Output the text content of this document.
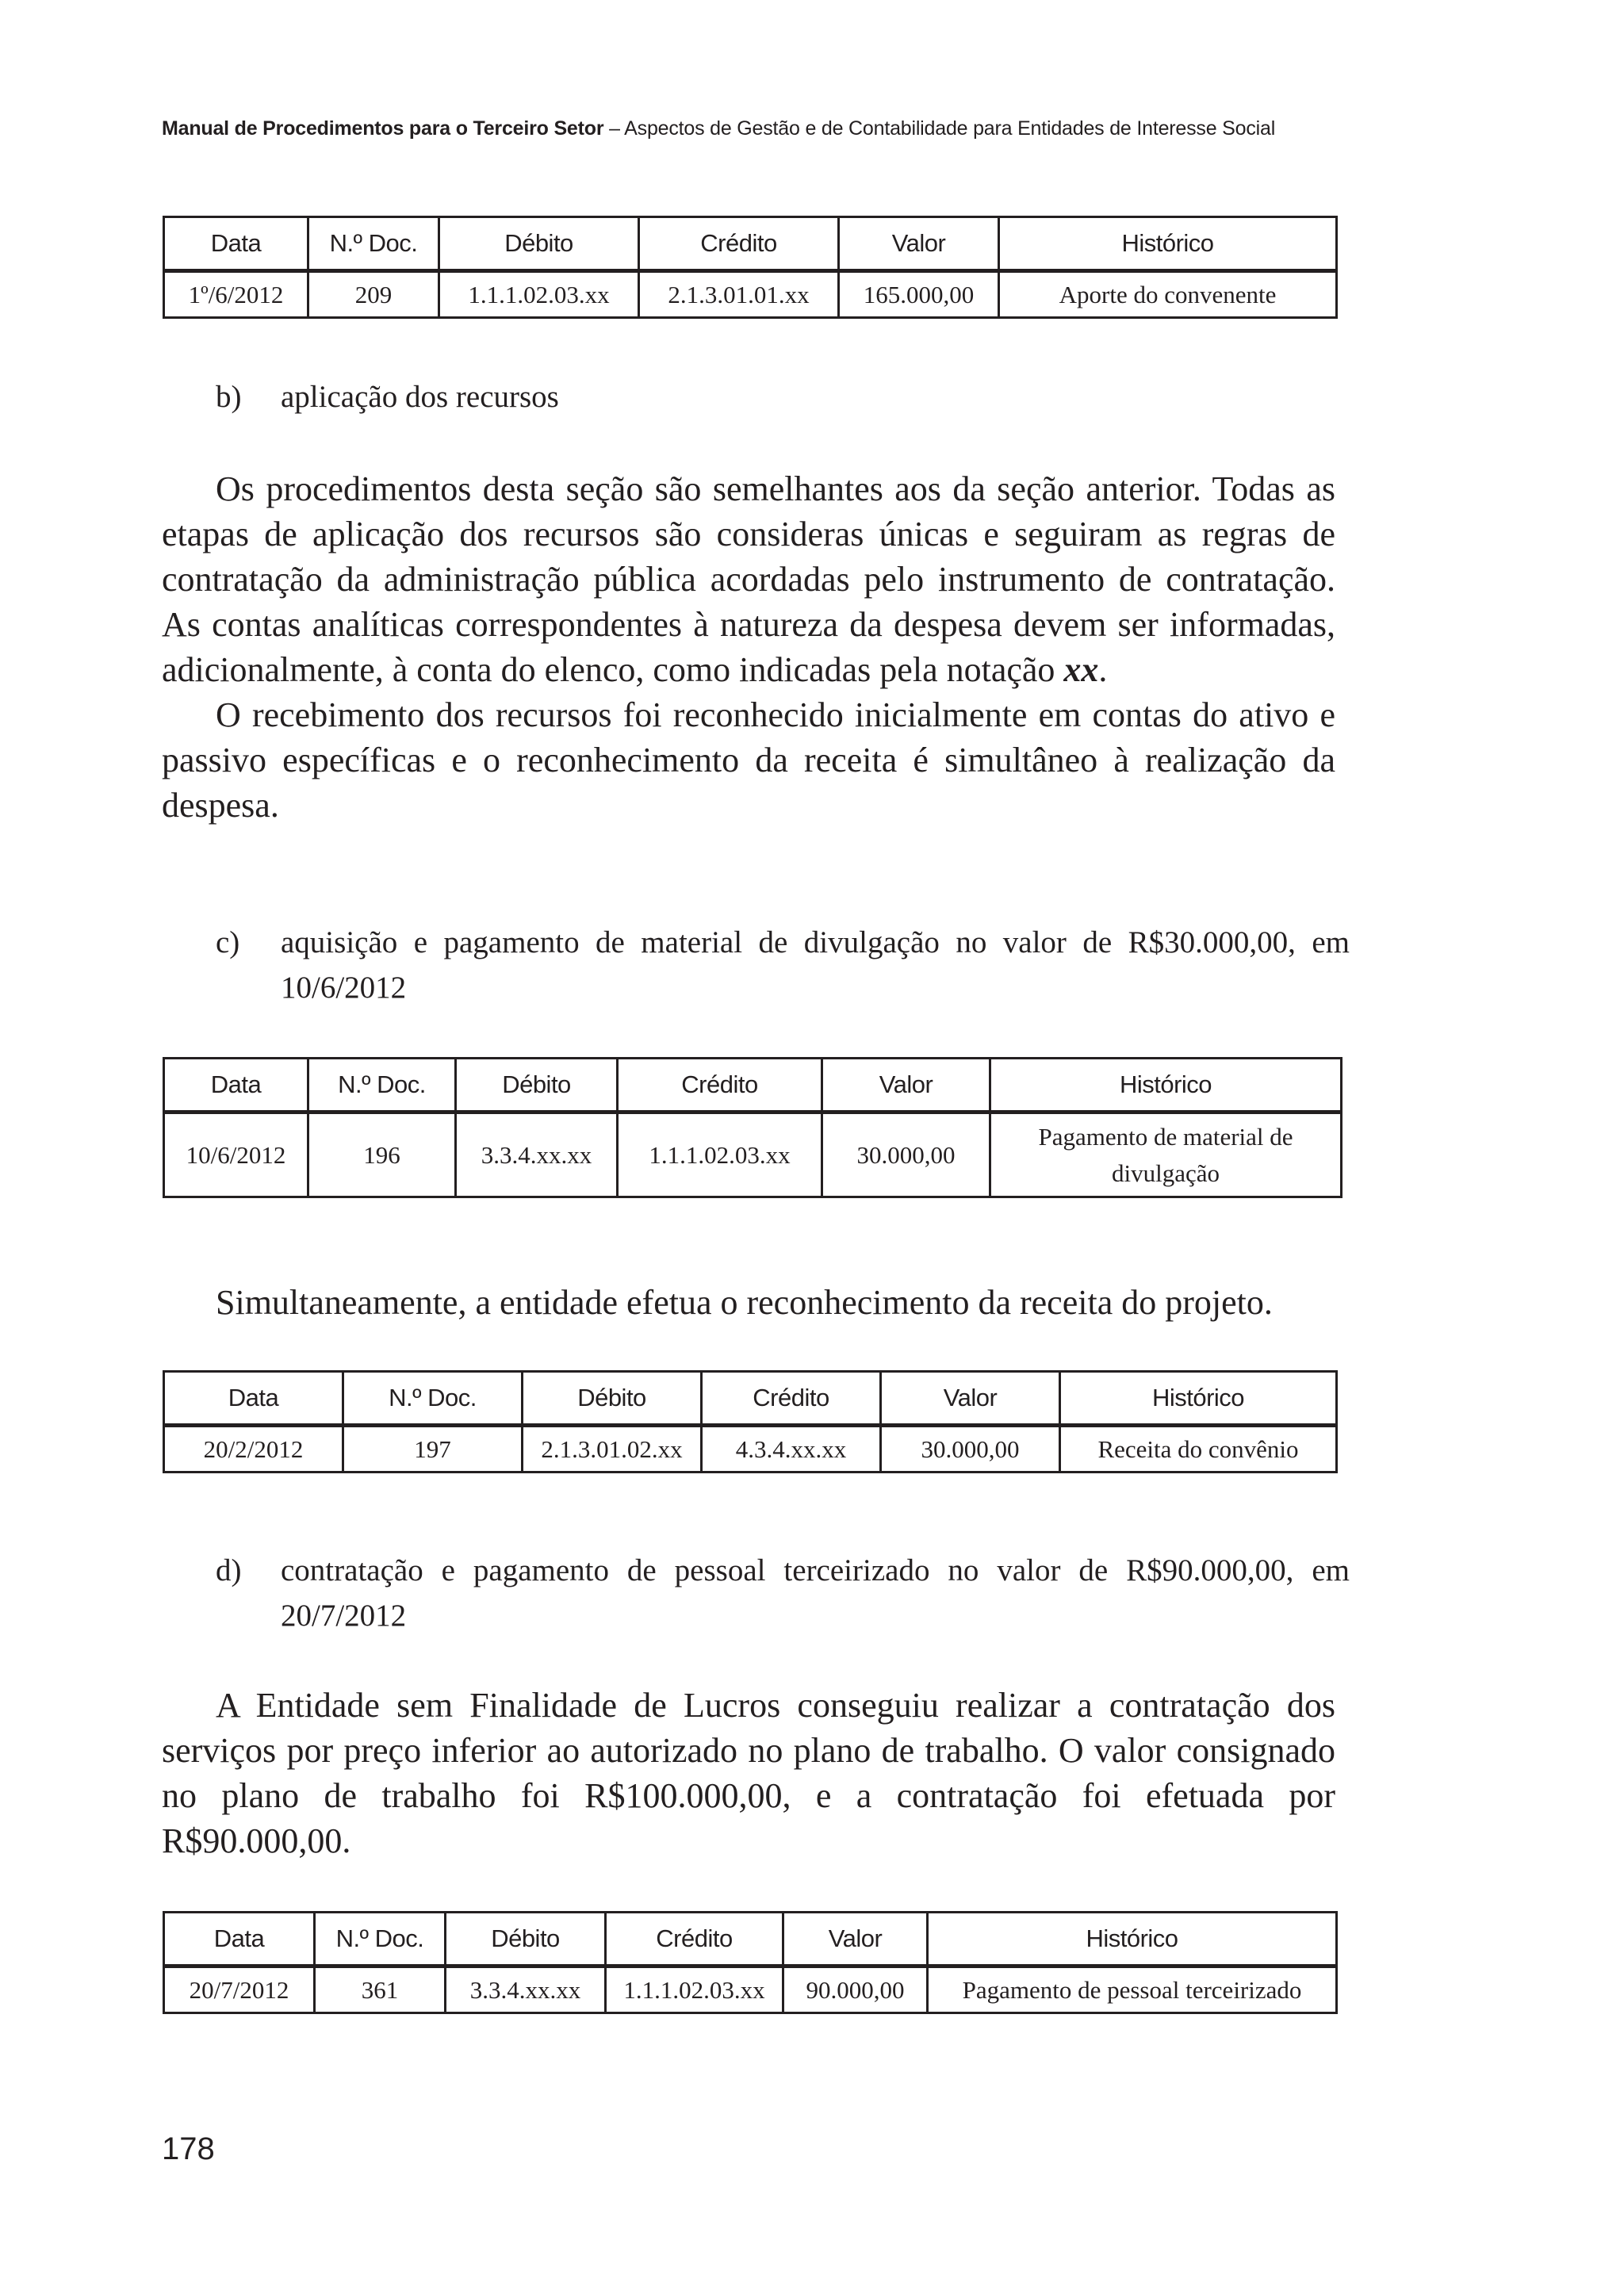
Manual de Procedimentos para o Terceiro Setor – Aspectos de Gestão e de Contabilidade para Entidades de Interesse Social
Data	N.º Doc.	Débito	Crédito	Valor	Histórico
1º/6/2012	209	1.1.1.02.03.xx	2.1.3.01.01.xx	165.000,00	Aporte do convenente
b) aplicação dos recursos

Os procedimentos desta seção são semelhantes aos da seção anterior. Todas as etapas de aplicação dos recursos são consideras únicas e seguiram as regras de contratação da administração pública acordadas pelo instrumento de contratação. As contas analíticas correspondentes à natureza da despesa devem ser informadas, adicionalmente, à conta do elenco, como indicadas pela notação xx.

O recebimento dos recursos foi reconhecido inicialmente em contas do ativo e passivo específicas e o reconhecimento da receita é simultâneo à realização da despesa.

c) aquisição e pagamento de material de divulgação no valor de R$30.000,00, em 10/6/2012
Data	N.º Doc.	Débito	Crédito	Valor	Histórico
10/6/2012	196	3.3.4.xx.xx	1.1.1.02.03.xx	30.000,00	Pagamento de material de divulgação

Simultaneamente, a entidade efetua o reconhecimento da receita do projeto.

Data	N.º Doc.	Débito	Crédito	Valor	Histórico
20/2/2012	197	2.1.3.01.02.xx	4.3.4.xx.xx	30.000,00	Receita do convênio
d) contratação e pagamento de pessoal terceirizado no valor de R$90.000,00, em 20/7/2012

A Entidade sem Finalidade de Lucros conseguiu realizar a contratação dos serviços por preço inferior ao autorizado no plano de trabalho. O valor consignado no plano de trabalho foi R$100.000,00, e a contratação foi efetuada por R$90.000,00.

Data	N.º Doc.	Débito	Crédito	Valor	Histórico
20/7/2012	361	3.3.4.xx.xx	1.1.1.02.03.xx	90.000,00	Pagamento de pessoal terceirizado
178
